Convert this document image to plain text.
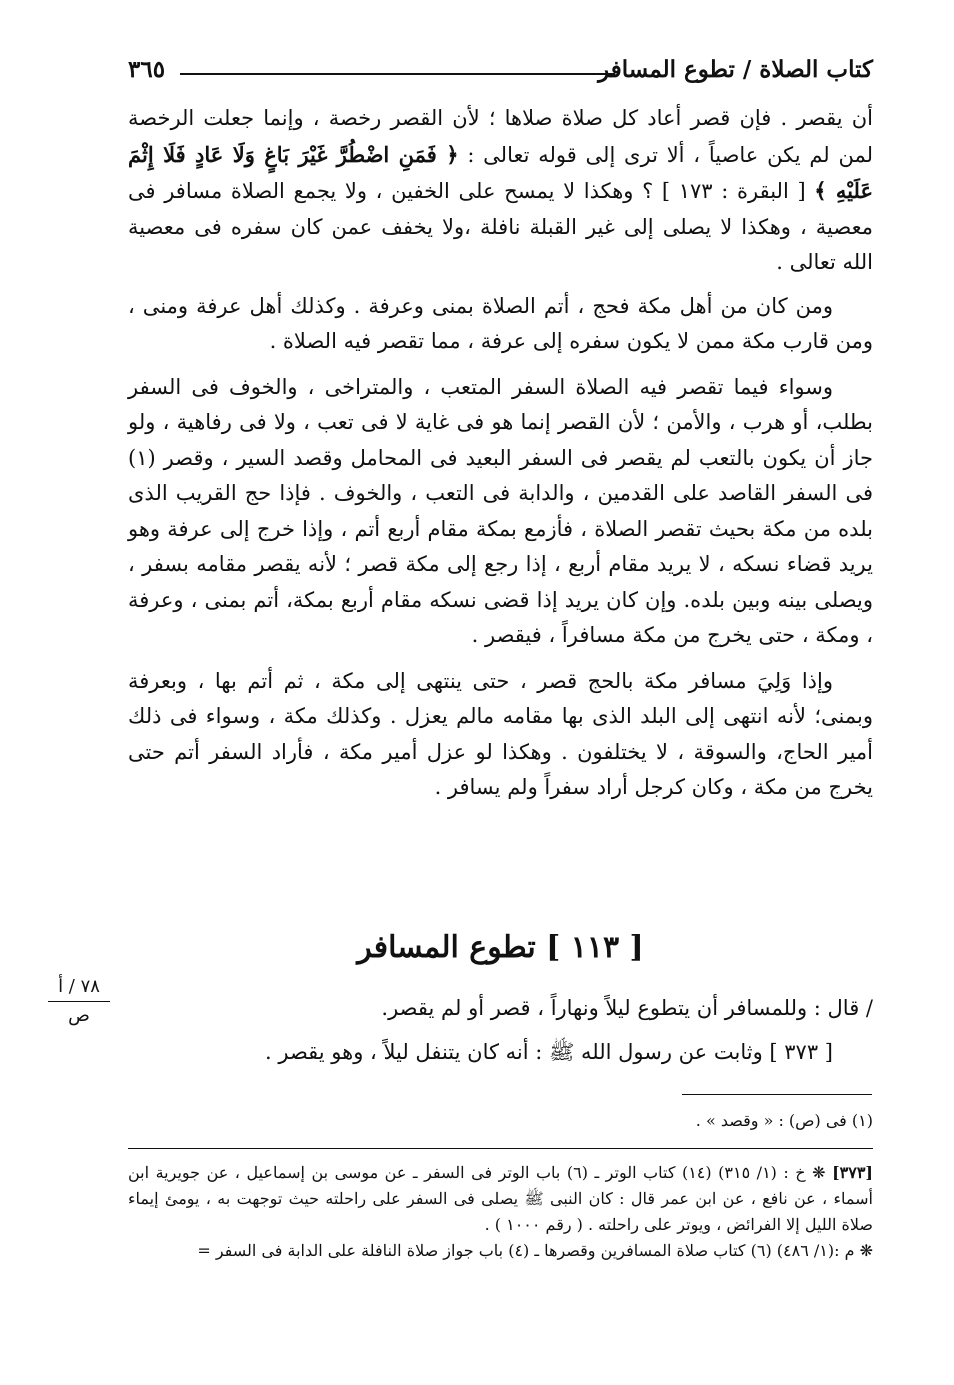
كتاب الصلاة / تطوع المسافر
٣٦٥

أن يقصر . فإن قصر أعاد كل صلاة صلاها ؛ لأن القصر رخصة ، وإنما جعلت الرخصة لمن لم يكن عاصياً ، ألا ترى إلى قوله تعالى : ﴿ فَمَنِ اضْطُرَّ غَيْرَ بَاغٍ وَلَا عَادٍ فَلَا إِثْمَ عَلَيْهِ ﴾ [ البقرة : ١٧٣ ] ؟ وهكذا لا يمسح على الخفين ، ولا يجمع الصلاة مسافر فى معصية ، وهكذا لا يصلى إلى غير القبلة نافلة ،ولا يخفف عمن كان سفره فى معصية الله تعالى .

ومن كان من أهل مكة فحج ، أتم الصلاة بمنى وعرفة . وكذلك أهل عرفة ومنى ، ومن قارب مكة ممن لا يكون سفره إلى عرفة ، مما تقصر فيه الصلاة .

وسواء فيما تقصر فيه الصلاة السفر المتعب ، والمتراخى ، والخوف فى السفر بطلب، أو هرب ، والأمن ؛ لأن القصر إنما هو فى غاية لا فى تعب ، ولا فى رفاهية ، ولو جاز أن يكون بالتعب لم يقصر فى السفر البعيد فى المحامل وقصد السير ، وقصر (١) فى السفر القاصد على القدمين ، والدابة فى التعب ، والخوف . فإذا حج القريب الذى بلده من مكة بحيث تقصر الصلاة ، فأزمع بمكة مقام أربع أتم ، وإذا خرج إلى عرفة وهو يريد قضاء نسكه ، لا يريد مقام أربع ، إذا رجع إلى مكة قصر ؛ لأنه يقصر مقامه بسفر ، ويصلى بينه وبين بلده. وإن كان يريد إذا قضى نسكه مقام أربع بمكة، أتم بمنى ، وعرفة ، ومكة ، حتى يخرج من مكة مسافراً ، فيقصر .

وإذا وَلِيَ مسافر مكة بالحج قصر ، حتى ينتهى إلى مكة ، ثم أتم بها ، وبعرفة وبمنى؛ لأنه انتهى إلى البلد الذى بها مقامه مالم يعزل . وكذلك مكة ، وسواء فى ذلك أمير الحاج، والسوقة ، لا يختلفون . وهكذا لو عزل أمير مكة ، فأراد السفر أتم حتى يخرج من مكة ، وكان كرجل أراد سفراً ولم يسافر .

[ ١١٣ ] تطوع المسافر

/ قال : وللمسافر أن يتطوع ليلاً ونهاراً ، قصر أو لم يقصر.

[ ٣٧٣ ] وثابت عن رسول الله ﷺ : أنه كان يتنفل ليلاً ، وهو يقصر .

٧٨ / أ
ص

(١) فى (ص) : « وقصد » .

[٣٧٣] ❋ خ : (١/ ٣١٥) (١٤) كتاب الوتر ـ (٦) باب الوتر فى السفر ـ عن موسى بن إسماعيل ، عن جويرية ابن أسماء ، عن نافع ، عن ابن عمر قال : كان النبى ﷺ يصلى فى السفر على راحلته حيث توجهت به ، يومئ إيماء صلاة الليل إلا الفرائض ، ويوتر على راحلته . ( رقم ١٠٠٠ ) .

❋ م :(١/ ٤٨٦) (٦) كتاب صلاة المسافرين وقصرها ـ (٤) باب جواز صلاة النافلة على الدابة فى السفر =
